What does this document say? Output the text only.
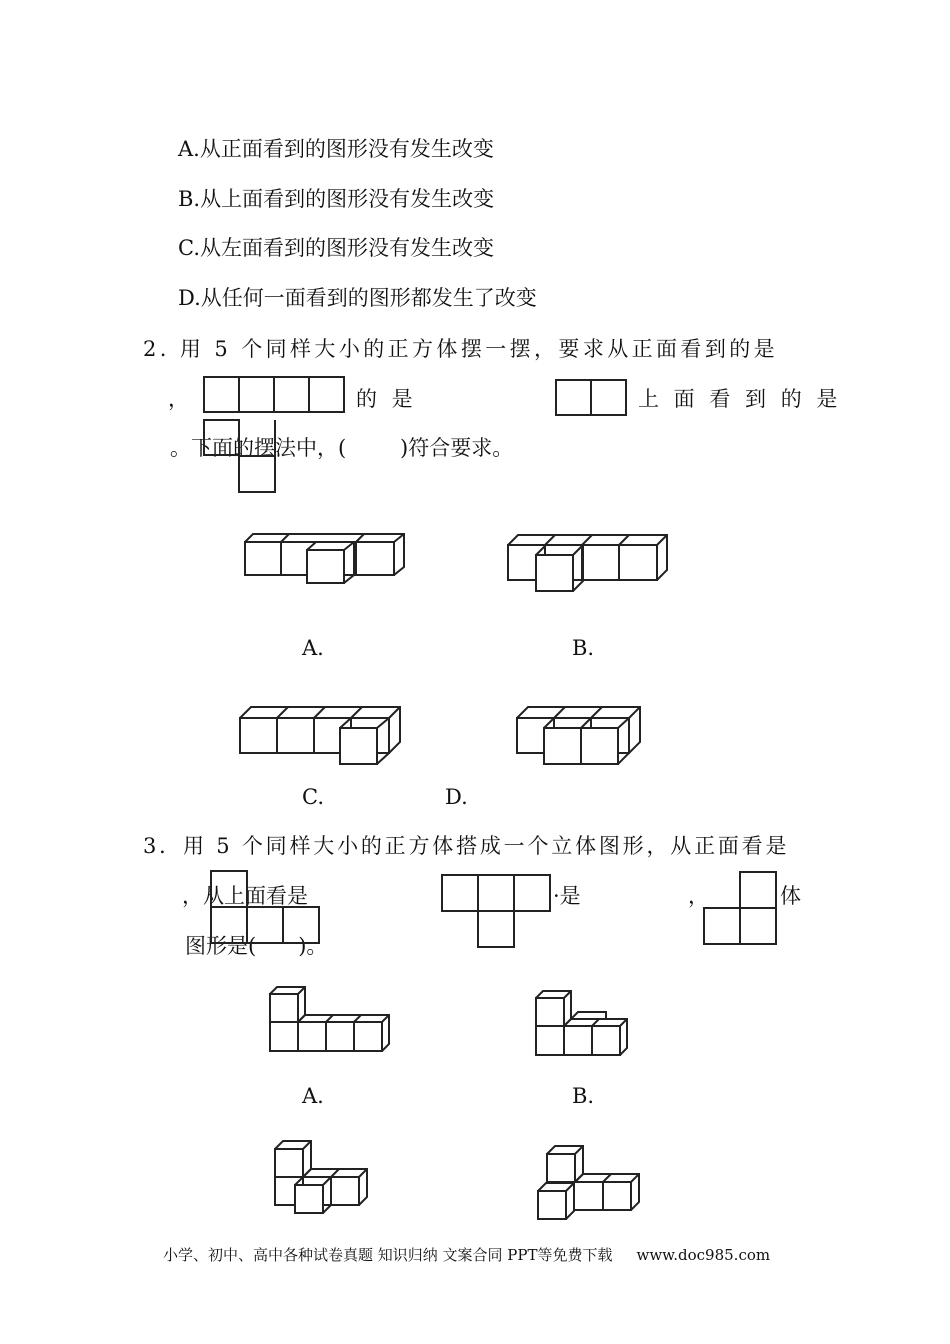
A.从正面看到的图形没有发生改变
B.从上面看到的图形没有发生改变
C.从左面看到的图形没有发生改变
D.从任何一面看到的图形都发生了改变
2. 用 5 个同样大小的正方体摆一摆，要求从正面看到的是
，	的 是	上 面 看 到 的 是
。下面的摆法中，(	)符合要求。
A.	B.
C.	D.
3．用 5 个同样大小的正方体搭成一个立体图形，从正面看是
，从上面看是	·是	，	体
图形是(　　)。
A.	B.
小学、初中、高中各种试卷真题 知识归纳 文案合同 PPT等免费下载 www.doc985.com
